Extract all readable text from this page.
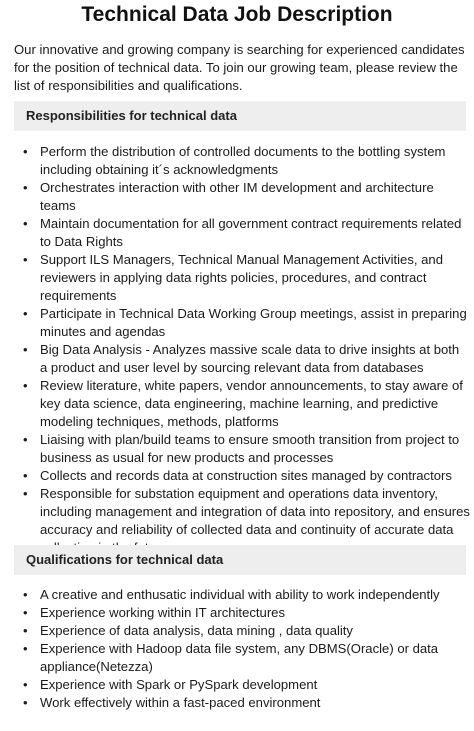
Technical Data Job Description

Our innovative and growing company is searching for experienced candidates for the position of technical data. To join our growing team, please review the list of responsibilities and qualifications.

Responsibilities for technical data
• Perform the distribution of controlled documents to the bottling system including obtaining it´s acknowledgments
• Orchestrates interaction with other IM development and architecture teams
• Maintain documentation for all government contract requirements related to Data Rights
• Support ILS Managers, Technical Manual Management Activities, and reviewers in applying data rights policies, procedures, and contract requirements
• Participate in Technical Data Working Group meetings, assist in preparing minutes and agendas
• Big Data Analysis - Analyzes massive scale data to drive insights at both a product and user level by sourcing relevant data from databases
• Review literature, white papers, vendor announcements, to stay aware of key data science, data engineering, machine learning, and predictive modeling techniques, methods, platforms
• Liaising with plan/build teams to ensure smooth transition from project to business as usual for new products and processes
• Collects and records data at construction sites managed by contractors
• Responsible for substation equipment and operations data inventory, including management and integration of data into repository, and ensures accuracy and reliability of collected data and continuity of accurate data
Qualifications for technical data
• A creative and enthusatic individual with ability to work independently
• Experience working within IT architectures
• Experience of data analysis, data mining , data quality
• Experience with Hadoop data file system, any DBMS(Oracle) or data appliance(Netezza)
• Experience with Spark or PySpark development
• Work effectively within a fast-paced environment
